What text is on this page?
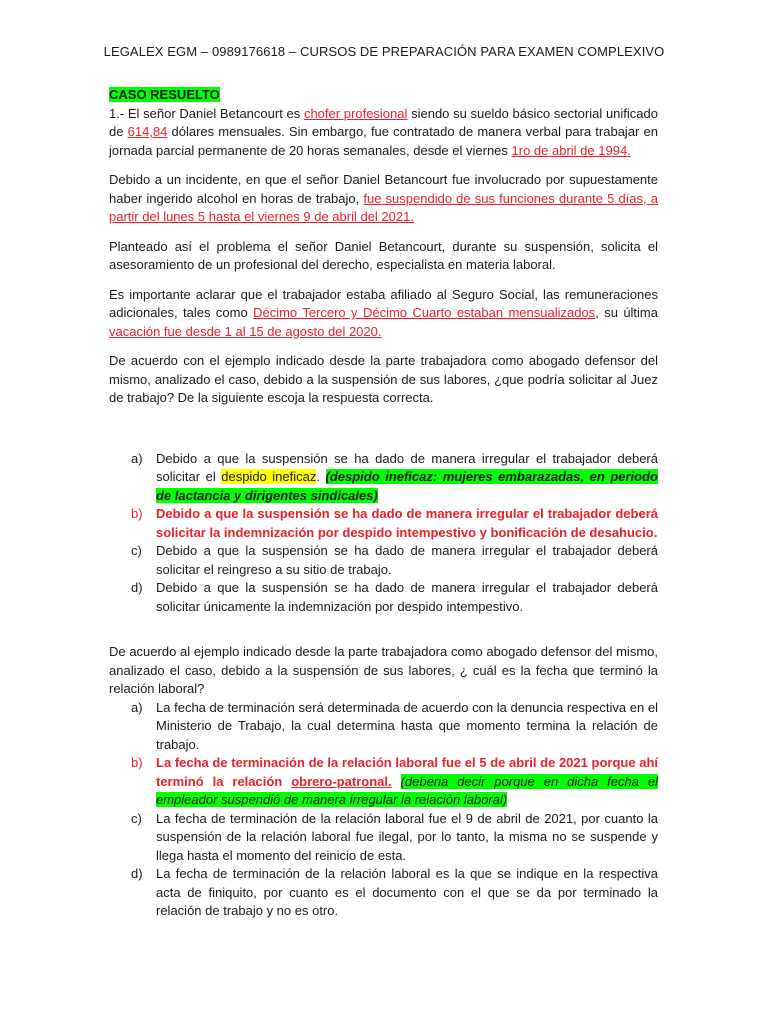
LEGALEX EGM – 0989176618 – CURSOS DE PREPARACIÓN PARA EXAMEN COMPLEXIVO

CASO RESUELTO

1.- El señor Daniel Betancourt es chofer profesional siendo su sueldo básico sectorial unificado de 614,84 dólares mensuales. Sin embargo, fue contratado de manera verbal para trabajar en jornada parcial permanente de 20 horas semanales, desde el viernes 1ro de abril de 1994.

Debido a un incidente, en que el señor Daniel Betancourt fue involucrado por supuestamente haber ingerido alcohol en horas de trabajo, fue suspendido de sus funciones durante 5 días, a partir del lunes 5 hasta el viernes 9 de abril del 2021.

Planteado así el problema el señor Daniel Betancourt, durante su suspensión, solicita el asesoramiento de un profesional del derecho, especialista en materia laboral.

Es importante aclarar que el trabajador estaba afiliado al Seguro Social, las remuneraciones adicionales, tales como Décimo Tercero y Décimo Cuarto estaban mensualizados, su última vacación fue desde 1 al 15 de agosto del 2020.

De acuerdo con el ejemplo indicado desde la parte trabajadora como abogado defensor del mismo, analizado el caso, debido a la suspensión de sus labores, ¿que podría solicitar al Juez de trabajo? De la siguiente escoja la respuesta correcta.

a) Debido a que la suspensión se ha dado de manera irregular el trabajador deberá solicitar el despido ineficaz. (despido ineficaz: mujeres embarazadas, en periodo de lactancia y dirigentes sindicales)
b) Debido a que la suspensión se ha dado de manera irregular el trabajador deberá solicitar la indemnización por despido intempestivo y bonificación de desahucio.
c) Debido a que la suspensión se ha dado de manera irregular el trabajador deberá solicitar el reingreso a su sitio de trabajo.
d) Debido a que la suspensión se ha dado de manera irregular el trabajador deberá solicitar únicamente la indemnización por despido intempestivo.

De acuerdo al ejemplo indicado desde la parte trabajadora como abogado defensor del mismo, analizado el caso, debido a la suspensión de sus labores, ¿ cuál es la fecha que terminó la relación laboral?

a) La fecha de terminación será determinada de acuerdo con la denuncia respectiva en el Ministerio de Trabajo, la cual determina hasta que momento termina la relación de trabajo.
b) La fecha de terminación de la relación laboral fue el 5 de abril de 2021 porque ahí terminó la relación obrero-patronal. (deberia decir porque en dicha fecha el empleador suspendió de manera irregular la relación laboral)
c) La fecha de terminación de la relación laboral fue el 9 de abril de 2021, por cuanto la suspensión de la relación laboral fue ilegal, por lo tanto, la misma no se suspende y llega hasta el momento del reinicio de esta.
d) La fecha de terminación de la relación laboral es la que se indique en la respectiva acta de finiquito, por cuanto es el documento con el que se da por terminado la relación de trabajo y no es otro.
